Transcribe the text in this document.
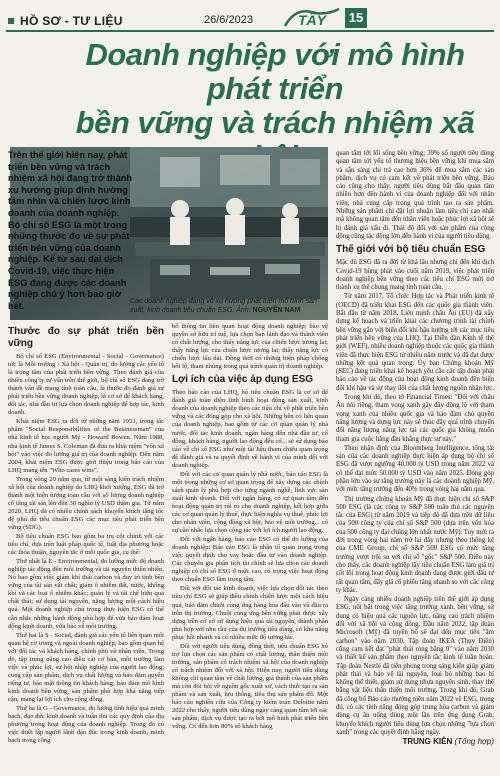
HỒ SƠ - TƯ LIỆU	26/6/2023	TÂY 15
Doanh nghiệp với mô hình phát triển
bền vững và trách nhiệm xã
Trên thế giới hiện nay, phát triển bền vững và trách nhiệm xã hội đang trở thành xu hướng giúp định hướng tầm nhìn và chiến lược kinh doanh của doanh nghiệp. Bộ chỉ số ESG là một trong những thước đo về sự phát triển bền vững của doanh nghiệp. Kể từ sau đại dịch Covid-19, việc thực hiện ESG đang được các doanh nghiệp chú ý hơn bao giờ hết.	Các doanh nghiệp đang vô xu hướng phát triển mô hình sản xuất, kinh doanh tiêu chuẩn ESG. Ảnh: NGUYÊN NAM
Thước đo sự phát triển bền vững

Bộ chỉ số ESG (Environmental - Social - Governance) tức là Môi trường - Xã hội - Quản trị, đo lường các yếu tố là trọng tâm của phát triển bền vững. Theo đánh giá của nhiều công ty tư vấn trên thế giới, bộ chỉ số ESG đang trở thành vấn đề mang tính toàn cầu, là thước đo đánh giá sự phát triển bền vững doanh nghiệp, là cơ sở để khách hàng, đối tác, nhà đầu tư lựa chọn doanh nghiệp để hợp tác, kinh doanh.

Khái niệm ESG ra đời từ những năm 1953, trong tác phẩm "Social Responsibilities of the Businessman" của nhà kinh tế học người Mỹ - Howard Bowen. Năm 1988, nhà kinh tế James S. Coleman đã đưa ra khái niệm "vốn xã hội" vào việc đo lường giá trị của doanh nghiệp. Đến năm 2004, khái niệm ESG được giới thiệu trong báo cáo của LHQ mang tên "Who cares wins".

Trong vòng 20 năm qua, từ một sáng kiến trách nhiệm xã hội của doanh nghiệp do LHQ khởi xướng, ESG đã trở thành một hiện tượng toàn cầu với số lượng doanh nghiệp cố tăng tài sản lên đến 30 nghìn tỷ USD thậm gia. Từ năm 2020, LHQ đã có nhiều chính sách khuyến khích tăng tốc để phủ đủ tiêu chuẩn ESG các mục tiêu phát triển bền vững (SDG).

Bộ tiêu chuẩn ESG bao gồm ba trụ cột chính với các tiêu chí, dựa trên luật pháp quốc tế, luật địa phương hoặc các thỏa thuận, nguyên tắc ở mỗi quốc gia, cụ thể:

Thứ nhất là E - Environmental, đo lường mức độ doanh nghiệp tác động đến môi trường và tài nguyên thiên nhiên. Nó bao gồm việc giảm khí thải carbon và duy trì tính bền vững của tài sản vật chất; giảm ô nhiễm đất, nước, không khí và các loại ô nhiễm khác; quản lý và tái chế hiệu quả chất thải; sử dụng tài nguyên, năng lượng một cách hiệu quả. Một doanh nghiệp chú trọng thực hiện ESG có thể cần nhắc những hành động phù hợp để vừa bảo đảm hoạt động kinh doanh, vừa bảo vệ môi trường.

Thứ hai là S - Social, đánh giá các yếu tố liên quan mối quan hệ cơ trong và ngoài doanh nghiệp, bao gồm quan hệ với đối tác và khách hàng, chính phủ và nhân viên. Trong đó, tập trung nâng cao điều cải cơ bản, môi trường làm việc và phúc lợi, sự hội nhập nghiệp của người lao động; cung cấp sản phẩm, dịch vụ chất lượng và bảo đảm quyền riêng tư, bảo mật thông tin khách hàng; bảo đảm mô hình kinh doanh bền vững, sản phẩm phù hợp khả năng tiếp cận, mang lại lợi ích cho cộng đồng.

Thứ ba là G - Governance, đo lường tính hiệu quả minh bạch, đạo đức kinh doanh và tuân thủ các quy định của địa phương trong hoạt động của doanh nghiệp. Trong đó có việc thiết lập người lãnh đạo đúc trong kinh doanh; minh bạch trong công

bố thông tin liên quan hoạt động doanh nghiệp; bảo vệ quyền sở hữu trí tuệ, lựa chọn ban lãnh đạo và thành viên có chất lượng, cho thấy năng lực của chiến lược tương lai; thấy năng lực của chiến lược tương lai; thấy năng lực có chiến lược lâu dài. Đồng thời có những biện pháp chống hối lộ, tham nhũng trong quá trình quản trị doanh nghiệp.

Lợi ích của việc áp dụng ESG

Theo báo cáo của LHQ, bộ tiêu chuẩn ESG là cơ sở để đánh giá toàn diện tình hình hoạt động sản xuất, kinh doanh của doanh nghiệp theo các tiêu chí về phát triển bền vững và các đóng góp cho xã hội. Những bên có liên quan của doanh nghiệp, bao gồm từ các cơ quan quản lý nhà nước, đối tác kinh doanh, ngân hàng đến nhà đầu tư, cổ đông, khách hàng, người lao động đều có... sẽ sử dụng báo cáo về chỉ số ESG như một tài liệu tham chiếu quan trọng để đánh giá và ra quyết định về hành vi của mình đối với doanh nghiệp.

Đối với các cơ quan quản lý nhà nước, báo cáo ESG là một trong những cơ sở quan trọng để xây dựng các chính sách quản lý phù hợp cho từng ngành nghề, lĩnh vực sản xuất kinh doanh. Đối với ngân hàng, có sự quan tâm đến hoạt động quản trị rủi ro cho doanh nghiệp, kết hợp giữa các cơ quan quản lý thuế, thực hiện nghĩa vụ thuế, phúc lợi cho nhân viên, cộng đồng xã hội, bảo vệ môi trường... có sự cần nhắc lựa chọn cộng tác với lợi ích người lao động.

Đối với ngân hàng, báo cáo ESG có thể đo lường của doanh nghiệp: Báo cáo ESG là nhân tố quan trọng trong việc quyết định cho vay hoặc đầu tư vào doanh nghiệp. Các chuyên gia phân tích tài chính sẽ lựa chọn các doanh nghiệp có chỉ số ESG ở mức cao, có trọng việc hoạt động theo chuẩn ESG làm trung tâm.

Đối với đối tác kinh doanh, việc lựa chọn đối tác theo tiêu chí ESG sẽ giúp điều chỉnh chiến lược một cách hiệu quả, bảo đảm chuỗi cung ứng hàng hóa đầu vào và đầu ra trên thị trường. Chuỗi cung ứng bền vững phải được xây dựng trên cơ sở sử dụng hiệu quả tài nguyên, thành phần phù hợp với nhu cầu của thị trường tiêu dùng, có khả năng phục hồi nhanh và có nhiều mức độ tương tác.

Đối với người tiêu dùng, đồng thời, tiêu chuẩn ESG hỗ trợ lựa chọn các sản phẩm có chất lượng, thân thiện môi trường, sản phẩm có trách nhiệm xã hội của doanh nghiệp có trách nhiệm đối với xã hội. Hiện nay, người tiêu dùng không chỉ quan tâm về chất lượng, giá thành của sản phẩm mà còn đòi hỏi về nguồn gốc xuất xứ, cách thức tạo ra sản phẩm và sản xuất, lưu thông, tiêu thụ sản phẩm đó. Một báo cáo nghiên cứu của Công ty kiểm toán Deloitte năm 2022 cho thấy, người tiêu dùng ngày càng quan tâm tới các sản phẩm, dịch vụ được tạo ra bởi mô hình phát triển bền vững. Có đến hơn 80% số khách hàng

quan tâm tới lối sống bền vững; 39% số người tiêu dùng quan tâm tới yếu tố thương hiệu bền vững khi mua sắm và sẵn sàng chi trả cao hơn 36% để mua sắm các sản phẩm, dịch vụ có cam kết về phát triển bền vững. Báo cáo cũng cho thấy, người tiêu dùng bắt đầu quan tâm nhiều hơn đến hành vi của doanh nghiệp đối với nhân viên, nhà cung cấp trong quá trình tạo ra sản phẩm. Những sản phẩm chỉ đặt lợi nhuận làm tiêu chí cao nhất mà không quan tâm đến nhân viên hoặc phúc lợi xã hội sẽ bị đánh giá xấu đi. Thái độ đối với sản phẩm của cộng đồng cũng tác động lớn đến hành vi của người tiêu dùng.

Thế giới với bộ tiêu chuẩn ESG

Mặc dù ESG đã ra đời từ khá lâu nhưng chỉ đến khi dịch Covid-19 bùng phát vào cuối năm 2019, việc phát triển doanh nghiệp bền vững theo các tiêu chí ESG mới trở thành xu thế chung mang tính toàn cầu.

Từ năm 2017, Tổ chức Hợp tác và Phát triển kinh tế (OECD) đã triển khai ESG đến các quốc gia thành viên. Bắt đầu từ năm 2018, Liên minh châu Âu (EU) đã xây dựng kế hoạch và triển khai các chương trình tài chính bền vững gắn với biến đổi khí hậu hướng tới các mục tiêu phát triển bền vững của LHQ. Tại Diễn đàn Kinh tế thế giới (WEF), nhiều doanh nghiệp thuộc các quốc gia thành viên đã thực hiện ESG từ nhiều năm trước và đã đạt được những kết quả quan trọng. Ủy ban Chứng khoán Mỹ (SEC) đang triển khai kế hoạch yêu cầu các tập đoàn phải báo cáo về tác động của hoạt động kinh doanh đến biến đổi khí hậu và sự thay đổi của chất lượng nguồn nhân lực.

Trong khi đó, theo tờ Financial Times: "Đối với châu Âu nói riêng, tham vọng xanh gây đầy động lộ với tham vọng xanh của nhiều quốc gia và bảo đảm chủ quyền năng lượng và dựng lực này sẽ thúc đẩy quá trình chuyển đổi năng lượng năng lực tại các quốc gia không muốn tham gia cuộc hàng đầu khẳng thực sự này."

Theo nhận định của Bloomberg Intelligence, tổng tài sản của các doanh nghiệp thực hiện áp dụng bộ chỉ số ESG đã vượt ngưỡng 40.000 tỷ USD trong năm 2022 và có thể đạt mức 50.000 tỷ USD vào năm 2025. Đóng góp phần lớn vào sự tăng trưởng này là các doanh nghiệp Mỹ, với mức tăng trưởng đến 40% trong vòng hai năm qua.

Thị trường chứng khoán Mỹ đã thực hiện chỉ số S&P 500 ESG (là các công ty S&P 500 tuân thủ các nguyên tắc của ESG) từ năm 2019 và tiếp đó đã dựa trên dữ liệu của 500 công ty của chỉ số S&P 500 (dựa trên vốn hóa của 500 công ty đại chúng lớn nhất nước Mỹ). Tuy mới ra đời trong vòng hai năm trở lại đây nhưng theo thống kê của CME Group, chỉ số S&P 500 ESG có mức tăng trưởng vượt trội so với chỉ số "gốc" S&P 500. Điều này cho thấy, các doanh nghiệp lấy tiêu chuẩn ESG làm giá trị cốt lõi trong hoạt động kinh doanh đang được giới đầu tư rất quan tâm, đẩy giá cổ phiếu tăng nhanh so với các công ty khác.

Ngày càng nhiều doanh nghiệp trên thế giới áp dụng ESG, nổi bật trong việc tăng trưởng xanh, bền vững, sử dụng có hiệu quả các nguồn lực, nâng cao trách nhiệm đối với xã hội và cộng đồng. Đầu năm 2022, tập đoàn Microsoft (Mỹ) đã tuyên bố sẽ đạt đến mục tiêu "âm carbon" vào năm 2030. Tập đoàn IKEA (Thụy Điển) cũng cam kết đạt "phát thải ròng bằng 0" vào năm 2030 và thiết kế sản phẩm theo nguyên tắc kinh tế tuần hoàn. Tập đoàn Nestlé đã tiến phong trong sáng kiến giúp giảm phát thải và bảo vệ tài nguyên, loại bỏ những bao bì không thể thiết, giảm sử dụng nhựa nguyên sinh, thay thế bằng vật liệu thân thiện môi trường. Trong khi đó, Grab đã công bố Báo cáo thường niên năm 2022 về ESG, trong đó, có các tính năng đóng góp trung hòa carbon và giảm dùng cụ ăn uống dùng một lần trên ứng dụng Grab, khuyến khích người tiêu dùng lựa chọn những "lựa chọn xanh" trong các quyết định hằng ngày.

TRUNG KIÊN (Tổng hợp)
